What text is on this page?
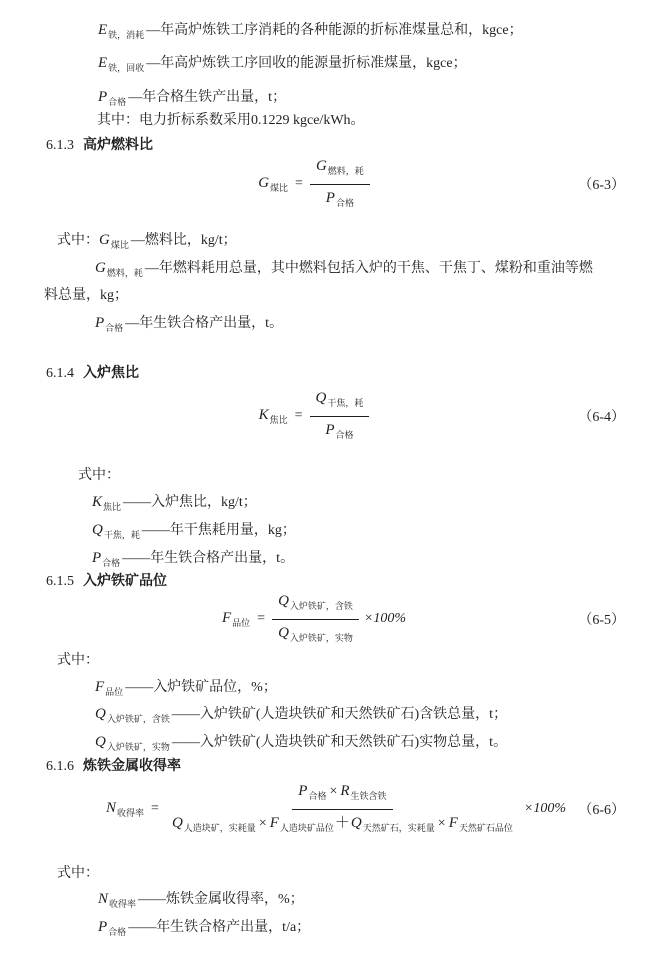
$E_{铁,消耗}$ —年高炉炼铁工序消耗的各种能源的折标准煤量总和，kgce；
$E_{铁,回收}$ —年高炉炼铁工序回收的能源量折标准煤量，kgce；
$P_{合格}$ —年合格生铁产出量，t；
其中：电力折标系数采用0.1229 kgce/kWh。
6.1.3 高炉燃料比
$G_{煤比} = \frac{G_{燃料,耗}}{P_{合格}}$	（6-3）
式中：$G_{煤比}$ —燃料比，kg/t；
$G_{燃料,耗}$ —年燃料耗用总量，其中燃料包括入炉的干焦、干焦丁、煤粉和重油等燃
料总量，kg；
$P_{合格}$ —年生铁合格产出量，t。
6.1.4 入炉焦比
$K_{焦比} = \frac{Q_{干焦,耗}}{P_{合格}}$	（6-4）
式中：
$K_{焦比}$ ——入炉焦比，kg/t；
$Q_{干焦,耗}$ ——年干焦耗用量，kg；
$P_{合格}$ ——年生铁合格产出量，t。
6.1.5 入炉铁矿品位
$F_{品位} = \frac{Q_{入炉铁矿,含铁}}{Q_{入炉铁矿,实物}} \times 100\%$	（6-5）
式中：
$F_{品位}$ ——入炉铁矿品位，%；
$Q_{入炉铁矿,含铁}$ ——入炉铁矿(人造块铁矿和天然铁矿石)含铁总量，t；
$Q_{入炉铁矿,实物}$ ——入炉铁矿(人造块铁矿和天然铁矿石)实物总量，t。
6.1.6 炼铁金属收得率
$N_{收得率} = \frac{P_{合格} \times R_{生铁含铁}}{Q_{人造块矿,实耗量} \times F_{人造块矿品位}+Q_{天然矿石,实耗量} \times F_{天然矿石品位}} \times 100\%$ （6-6）
式中：
$N_{收得率}$ ——炼铁金属收得率，%；
$P_{合格}$ ——年生铁合格产出量，t/a；
